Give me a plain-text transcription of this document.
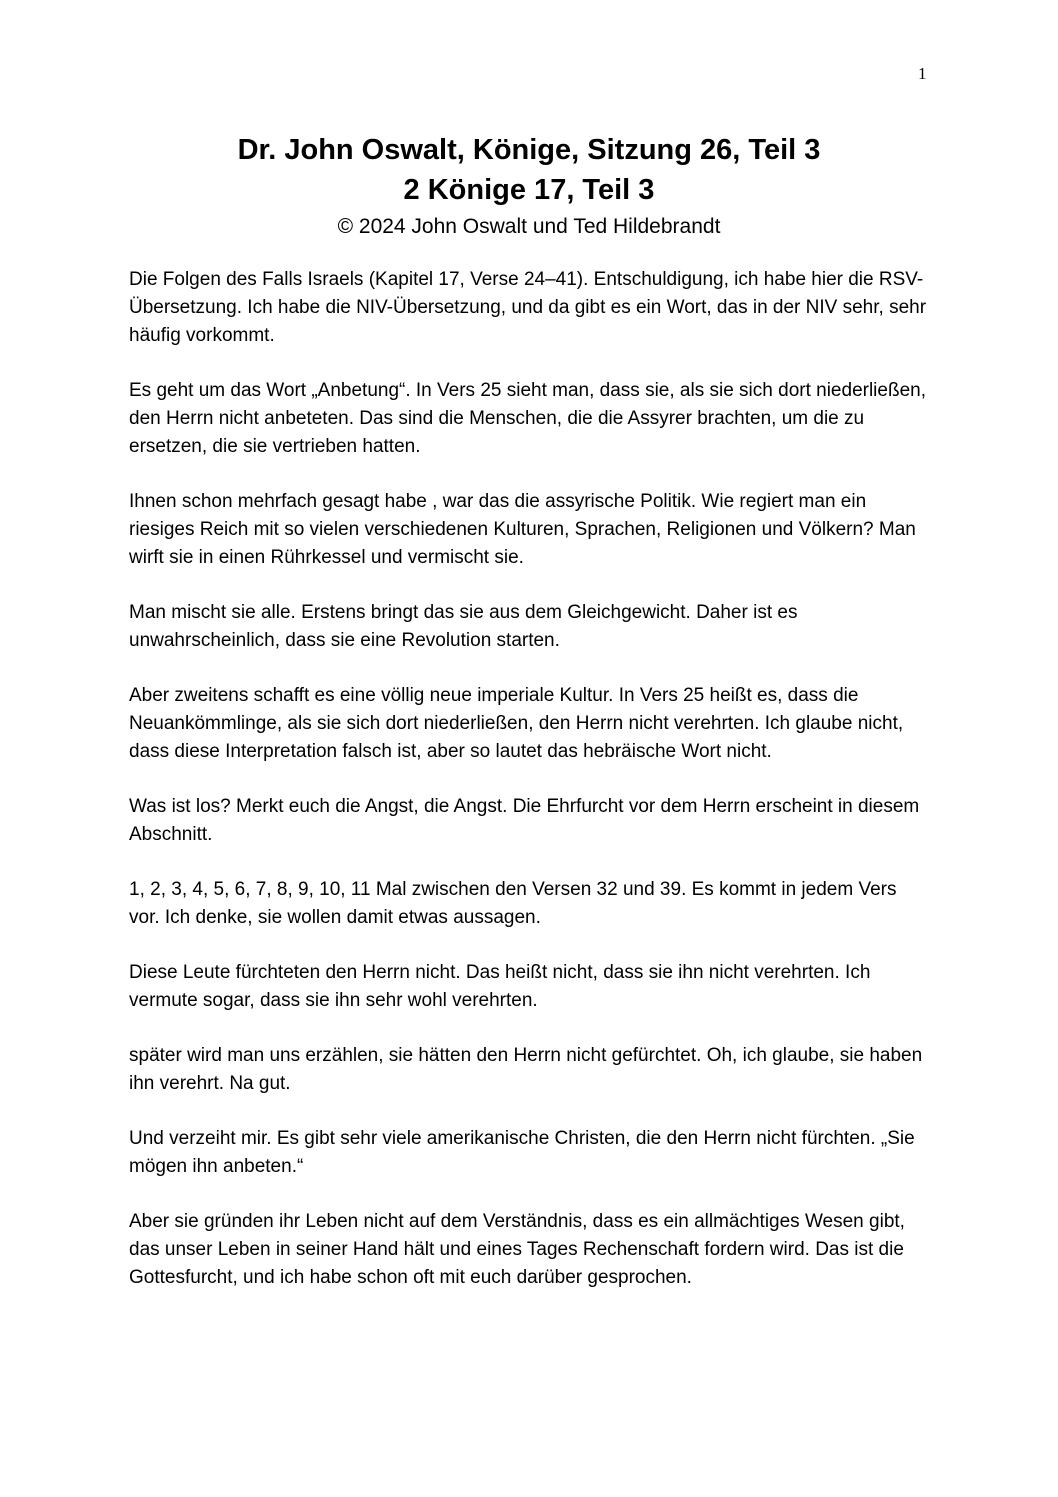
1
Dr. John Oswalt, Könige, Sitzung 26, Teil 3
2 Könige 17, Teil 3
© 2024 John Oswalt und Ted Hildebrandt

Die Folgen des Falls Israels (Kapitel 17, Verse 24–41). Entschuldigung, ich habe hier die RSV-Übersetzung. Ich habe die NIV-Übersetzung, und da gibt es ein Wort, das in der NIV sehr, sehr häufig vorkommt.

Es geht um das Wort „Anbetung“. In Vers 25 sieht man, dass sie, als sie sich dort niederließen, den Herrn nicht anbeteten. Das sind die Menschen, die die Assyrer brachten, um die zu ersetzen, die sie vertrieben hatten.

Ihnen schon mehrfach gesagt habe , war das die assyrische Politik. Wie regiert man ein riesiges Reich mit so vielen verschiedenen Kulturen, Sprachen, Religionen und Völkern? Man wirft sie in einen Rührkessel und vermischt sie.

Man mischt sie alle. Erstens bringt das sie aus dem Gleichgewicht. Daher ist es unwahrscheinlich, dass sie eine Revolution starten.

Aber zweitens schafft es eine völlig neue imperiale Kultur. In Vers 25 heißt es, dass die Neuankömmlinge, als sie sich dort niederließen, den Herrn nicht verehrten. Ich glaube nicht, dass diese Interpretation falsch ist, aber so lautet das hebräische Wort nicht.

Was ist los? Merkt euch die Angst, die Angst. Die Ehrfurcht vor dem Herrn erscheint in diesem Abschnitt.

1, 2, 3, 4, 5, 6, 7, 8, 9, 10, 11 Mal zwischen den Versen 32 und 39. Es kommt in jedem Vers vor. Ich denke, sie wollen damit etwas aussagen.

Diese Leute fürchteten den Herrn nicht. Das heißt nicht, dass sie ihn nicht verehrten. Ich vermute sogar, dass sie ihn sehr wohl verehrten.

später wird man uns erzählen, sie hätten den Herrn nicht gefürchtet. Oh, ich glaube, sie haben ihn verehrt. Na gut.

Und verzeiht mir. Es gibt sehr viele amerikanische Christen, die den Herrn nicht fürchten. „Sie mögen ihn anbeten.“

Aber sie gründen ihr Leben nicht auf dem Verständnis, dass es ein allmächtiges Wesen gibt, das unser Leben in seiner Hand hält und eines Tages Rechenschaft fordern wird. Das ist die Gottesfurcht, und ich habe schon oft mit euch darüber gesprochen.
